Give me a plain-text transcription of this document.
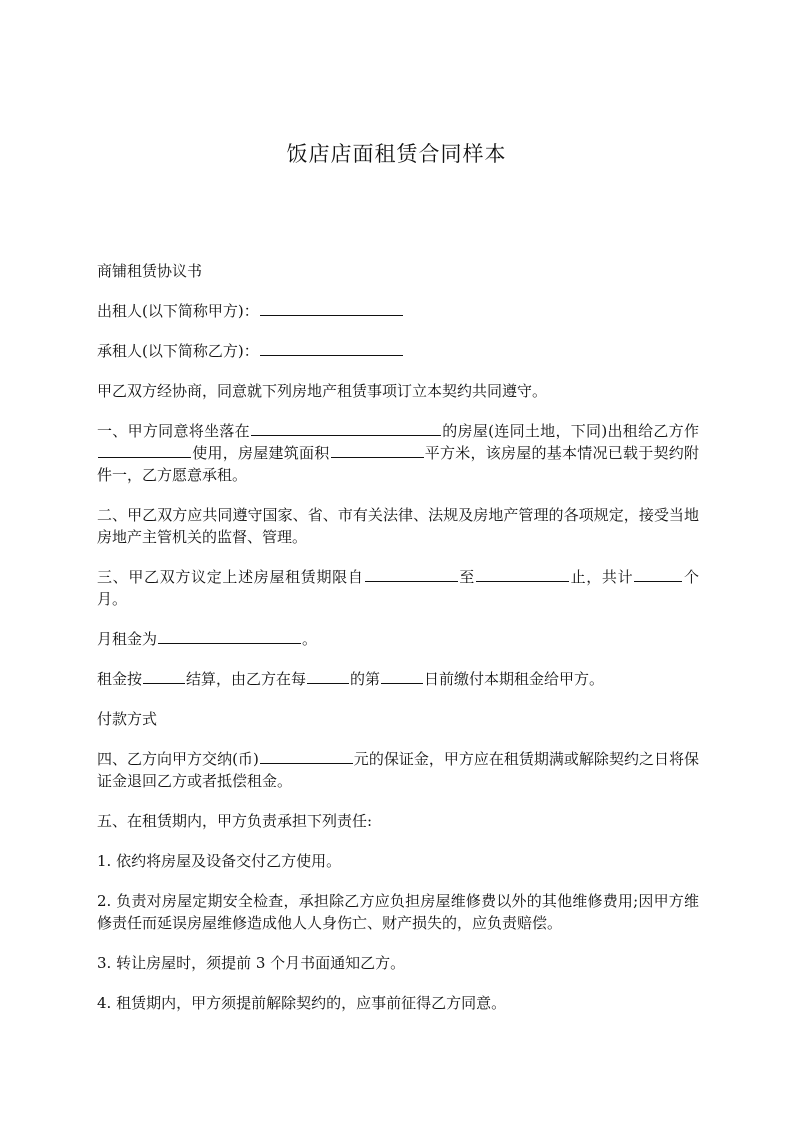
饭店店面租赁合同样本

商铺租赁协议书

出租人(以下简称甲方)：

承租人(以下简称乙方)：

甲乙双方经协商，同意就下列房地产租赁事项订立本契约共同遵守。

一、甲方同意将坐落在	的房屋(连同土地，下同)出租给乙方作使用，房屋建筑面积	平方米，该房屋的基本情况已载于契约附件一，乙方愿意承租。

二、甲乙双方应共同遵守国家、省、市有关法律、法规及房地产管理的各项规定，接受当地房地产主管机关的监督、管理。

三、甲乙双方议定上述房屋租赁期限自	至	止，共计	个月。

月租金为	。

租金按	结算，由乙方在每	的第	日前缴付本期租金给甲方。

付款方式

四、乙方向甲方交纳(币)	元的保证金，甲方应在租赁期满或解除契约之日将保证金退回乙方或者抵偿租金。

五、在租赁期内，甲方负责承担下列责任:

1. 依约将房屋及设备交付乙方使用。

2. 负责对房屋定期安全检查，承担除乙方应负担房屋维修费以外的其他维修费用;因甲方维修责任而延误房屋维修造成他人人身伤亡、财产损失的，应负责赔偿。

3. 转让房屋时，须提前 3 个月书面通知乙方。

4. 租赁期内，甲方须提前解除契约的，应事前征得乙方同意。
